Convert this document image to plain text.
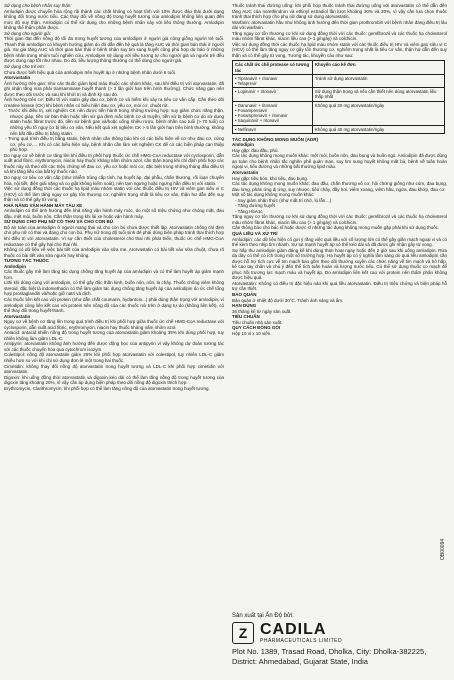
Sử dụng cho bệnh nhân suy thận:

Amlodipin được chuyển hóa rộng rãi thành các chất không có hoạt tính với 10% được đào thải dưới dạng không đổi trong nước tiểu. Các thay đổi về nồng độ trong huyết tương của amlodipin không liên quan đến mức độ suy thận. Amlodipin có thể sử dụng cho những bệnh nhân này với liều thông thường. Amlodipin không thể thẩm phân được.

Sử dụng cho người già:

Thời gian đạt đến nồng độ tối đa trong huyết tương của amlodipin ở người già cũng giống người trẻ tuổi. Thanh thải amlodipin có khuynh hướng giảm do đó dẫn đến hệ quả là tăng AUC và thời gian bán thải ở người già. Sự gia tăng AUC và thời gian bán thải ở bệnh nhân suy tim sung huyết cũng phù hợp dự báo ở những bệnh nhân trong nhóm tuổi nghiên cứu. Amlodipin sử dụng với liều tương tự cho người già và người trẻ đều được dung nạp tốt như nhau. Do đó, liều lượng thông thường có thể dùng cho người già.

Sử dụng cho trẻ em:

Chưa được biết hiệu quả của amlodipin trên huyết áp ở những bệnh nhân dưới 6 tuổi.

Atorvastatin

Ảnh hưởng trên gan: như các thuốc giảm lipid máu thuộc các nhóm khác, sau khi điều trị với atorvastatin, đã ghi nhận tăng vừa phải transaminase huyết thanh (> 3 lần giới hạn trên bình thường). Chức năng gan nên được theo dõi trước và sau khi khởi trị và định kỳ sau đó.

Ảnh hưởng trên cơ: Điều trị với statin gây đau cơ, bệnh cơ và hiếm khi xảy ra tiêu cơ vân cấp. Cần theo dõi creatine kinase (CK) khi bệnh nhân có biểu hiện đau cơ, yếu cơ, mỏi cơ, chuột rút.

- Trước khi điều trị, xét nghiệm CK nên được tiến hành trong những trường hợp: suy giảm chức năng thận, nhược giáp, tiền sử bản thân hoặc tiền sử gia đình mắc bệnh cơ di truyền, tiền sử bị bệnh cơ do sử dụng statin hoặc fibrat trước đó, tiền sử bệnh gan và/hoặc uống nhiều rượu, bệnh nhân cao tuổi (> 70 tuổi) có những yếu tố nguy cơ bị tiêu cơ vân. Nếu kết quả xét nghiệm CK > 5 lần giới hạn trên bình thường, không nên bắt đầu điều trị bằng statin.

- Trong quá trình điều trị bằng statin, bệnh nhân cần thông báo khi có các biểu hiện về cơ như đau cơ, cứng cơ, yếu cơ,… Khi có các biểu hiện này, bệnh nhân cần làm xét nghiệm CK để có các biện pháp can thiệp phù hợp.

Do nguy cơ về bệnh cơ tăng lên khi điều trị phối hợp thuốc ức chế HMG-CoA reductase với cyclosporin, dẫn xuất acid fibric, erythromycin, niacin hay thuốc kháng nấm nhóm azol, cần thận trọng khi chỉ định phối hợp các thuốc này và theo dõi các triệu chứng về đau cơ, yếu cơ hoặc mỏi cơ, đặc biệt trong những tháng đầu điều trị và khi tăng liều của bất kỳ thuốc nào.

Do nguy cơ tiêu cơ vân cấp (như nhiễm trùng cấp tính, hạ huyết áp, đại phẫu, chấn thương, rối loạn chuyển hóa, nội tiết, điện giải nặng và co giật không kiểm soát), nên tạm ngưng hoặc ngưng hẳn điều trị với statin.

Việc sử dụng đồng thời các thuốc hạ lipid máu nhóm statin với các thuốc điều trị HIV và viêm gan siêu vi C (HCV) có thể làm tăng nguy cơ gây tổn thương cơ, nghiêm trọng nhất là tiêu cơ vân, thận hư dẫn đến suy thận và có thể gây tử vong.

KHẢ NĂNG VẬN HÀNH MÁY TÀU XE

Amlodipin có thể ảnh hưởng đến khả năng vận hành máy móc, do một số triệu chứng như chóng mặt, đau đầu, mệt mỏi, buồn nôn. Cần thận trọng khi lái xe hoặc vận hành máy.

SỬ DỤNG CHO PHỤ NỮ CÓ THAI VÀ CHO CON BÚ

Độ an toàn của amlodipin ở người mang thai và cho con bú chưa được thiết lập. Atorvastatin chống chỉ định cho phụ nữ có thai và đang cho con bú. Phụ nữ trong độ tuổi sinh đẻ phải dùng biện pháp tránh thai thích hợp khi điều trị với atorvastatin. Vì sự cần thiết của cholesterol cho thai nhi phát triển, thuốc ức chế HMG-CoA reductase có thể gây hại cho thai nhi.

Không có dữ liệu về việc bài tiết của amlodipin vào sữa mẹ. Atorvastatin có bài tiết vào sữa chuột, chưa rõ thuốc có bài tiết vào sữa người hay không.

TƯƠNG TÁC THUỐC

Amlodipin

Các thuốc gây mê làm tăng tác dụng chống tăng huyết áp của amlodipin và có thể làm huyết áp giảm mạnh hơn.

Lithi khi dùng cùng với amlodipin, có thể gây độc thần kinh, buồn nôn, nôn, ỉa chảy. Thuốc chống viêm không steroid, đặc biệt là indomethacin có thể làm giảm tác dụng chống tăng huyết áp của amlodipin do ức chế tổng hợp prostaglandin và/hoặc giữ natri và dịch.

Các thuốc liên kết cao với protein (như dẫn chất coumarin, hydantoin...) phải dùng thận trọng với amlodipin, vì amlodipin cũng liên kết cao với protein nên nồng độ của các thuốc nói trên ở dạng tự do (không liên kết), có thể thay đổi trong huyết thanh.

Atorvastatin

Nguy cơ về bệnh cơ tăng lên trong quá trình điều trị khi phối hợp giữa thuốc ức chế HMG-CoA reductase với cyclosporin, dẫn xuất acid fibric, erythromycin, niacin hay thuốc kháng nấm nhóm azol.

Antacid: antacid khiến nồng độ trong huyết tương của atorvastatin giảm khoảng 35% khi dùng phối hợp, tuy nhiên không làm giảm LDL-C.

Antipyrin: atorvastatin không ảnh hưởng đến dược động học của antipyrin vì vậy không dự đoán tương tác với các thuốc chuyển hóa qua cytochrom isozym.

Colestipol: nồng độ atorvastatin giảm 25% khi phối hợp atorvastatin với colestipol, tuy nhiên LDL-C giảm nhiều hơn so với khi chỉ sử dụng đơn lẻ một trong hai thuốc.

Cimetidin: không thay đổi nồng độ atorvastatin trong huyết tương và LDL-C khi phối hợp cimetidin với atorvastatin.

Digoxin: khi uống đồng thời atorvastatin và digoxin kéo dài có thể làm tăng nồng độ trong huyết tương của digoxin tăng khoảng 20%, vì vậy cần áp dụng biện pháp theo dõi nồng độ digoxin thích hợp.

Erythromycin, Clarithromycin: khi phối hợp có thể làm tăng nồng độ của atorvastatin trong huyết tương.

Thuốc tránh thai đường uống: khi phối hợp thuốc tránh thai đường uống với atorvastatin có thể dẫn đến tăng AUC của norethindron và ethinyl estradiol lần lượt khoảng 30% và 20%, vì vậy cần lựa chọn thuốc tránh thai thích hợp cho phụ nữ đang sử dụng atorvastatin.

Warfarin: atorvastatin hầu như không ảnh hưởng đến thời gian prothrombin với bệnh nhân đang điều trị lâu dài với warfarin.

Tăng nguy cơ tổn thương cơ khi sử dụng đồng thời với các thuốc: gemfibrozil và các thuốc hạ cholesterol máu nhóm fibrat khác, niacin liều cao (> 1 g/ngày) và colchicin.

Việc sử dụng đồng thời các thuốc hạ lipid máu nhóm statin với các thuốc điều trị HIV và viêm gan siêu vi C (HCV) có thể làm tăng nguy cơ gây tổn thương cơ, nghiêm trọng nhất là tiêu cơ vân, thận hư dẫn đến suy thận và có thể gây tử vong. Tương tác, khuyến cáo như sau:

Các chất ức chế protease có tương tác	Khuyến cáo kê đơn

• Tipranavir + ritonavir
• Telaprevir	Tránh sử dụng atorvastatin

• Lopinavir + ritonavir	Sử dụng thận trọng và nếu cần thiết nên dùng atorvastatin liều thấp nhất

• Darunavir + ritonavir
• Fosamprenavir
• Fosamprenavir + ritonavir
• Saquinavir + ritonavir	Không quá 20 mg atorvastatin/ngày

• Nelfinavir	Không quá 40 mg atorvastatin/ngày

TÁC DỤNG KHÔNG MONG MUỐN (ADR)

Amlodipin

Hay gặp: đau đầu, phù.

Các tác dụng không mong muốn khác: mệt mỏi, buồn nôn, đau bụng và buồn ngủ. Amlodipin đã được dùng an toàn cho bệnh nhân tắc nghẽn phế quản mạn, suy tim sung huyết không mất bù, bệnh về tuần hoàn ngoại vi, tiểu đường và những bất thường lipid máu.

Atorvastatin

Hay gặp: tiêu bón, khó tiêu, đau bụng.

Các tác dụng không mong muốn khác: đau đầu, chấn thương vô cơ, hội chứng giống như cúm, đau bụng, đau lưng, phản ứng dị ứng, suy nhược, tiêu chảy, đầy hơi, viêm xoang, viêm hầu, ngứa, đau khớp, đau cơ.

Một số tác dụng không mong muốn khác:

- Suy giảm nhận thức (như mất trí nhớ, lú lẫn…)

- Tăng đường huyết

- Tăng HbA1c

Tăng nguy cơ tổn thương cơ khi sử dụng đồng thời với các thuốc: gemfibrozil và các thuốc hạ cholesterol máu nhóm fibrat khác, niacin liều cao (> 1 g/ngày) và colchicin.

Cần thông báo cho bác sĩ hoặc dược sĩ những tác dụng không mong muốn gặp phải khi sử dụng thuốc.

QUÁ LIỀU VÀ XỬ TRÍ

Amlodipin: các dữ liệu hiện có gợi ý rằng việc quá liều với số lượng lớn có thể gây giãn mạch ngoại vi và có thể kèm theo nhịp tim nhanh. Sự tụt mạnh huyết áp có thể kéo dài và đã được ghi nhận gây tử vong.

Sự hấp thu amlodipin giảm đáng kể khi dùng than hoạt ngay hoặc đến 2 giờ sau khi uống amlodipin. Rửa dạ dày có thể có ích trong một số trường hợp. Hạ huyết áp có ý nghĩa lâm sàng do quá liều amlodipin cần được hỗ trợ tích cực về tim mạch bao gồm theo dõi thường xuyên các chức năng về tim mạch và hô hấp, kê cao tay chân và chú ý đến thể tích tuần hoàn và lượng nước tiểu. Có thể sử dụng thuốc co mạch để phục hồi trương lực mạch máu và huyết áp. Do amlodipin liên kết cao với protein nên thẩm phân không được hiệu quả.

Atorvastatin: Không có điều trị đặc hiệu nào khi quá liều atorvastatin. Điều trị triệu chứng và biện pháp hỗ trợ cần thiết.

BẢO QUẢN

Bảo quản ở nhiệt độ dưới 30°C. Tránh ánh sáng và ẩm.

HẠN DÙNG

36 tháng kể từ ngày sản xuất.

TIÊU CHUẨN

Tiêu chuẩn nhà sản xuất.

QUY CÁCH ĐÓNG GÓI

Hộp 10 vỉ x 10 viên.

OB00094

Sản xuất tại Ấn Độ bởi:

Z CADILA
PHARMACEUTICALS LIMITED

Plot No. 1389, Trasad Road, Dholka, City: Dholka-382225,
District: Ahmedabad, Gujarat State, India
